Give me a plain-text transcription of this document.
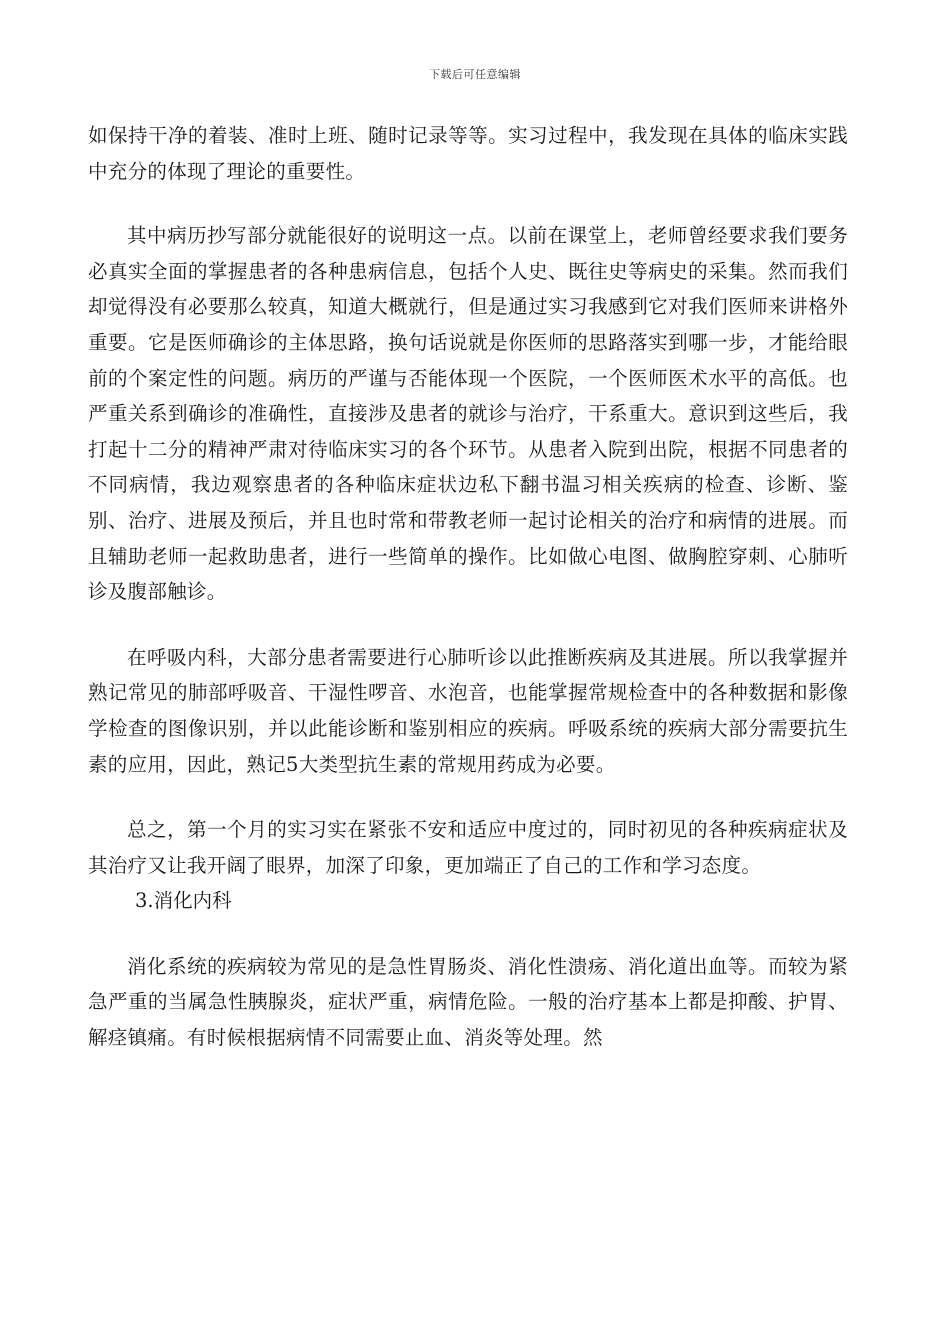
下载后可任意编辑

如保持干净的着装、准时上班、随时记录等等。实习过程中，我发现在具体的临床实践中充分的体现了理论的重要性。

其中病历抄写部分就能很好的说明这一点。以前在课堂上，老师曾经要求我们要务必真实全面的掌握患者的各种患病信息，包括个人史、既往史等病史的采集。然而我们却觉得没有必要那么较真，知道大概就行，但是通过实习我感到它对我们医师来讲格外重要。它是医师确诊的主体思路，换句话说就是你医师的思路落实到哪一步，才能给眼前的个案定性的问题。病历的严谨与否能体现一个医院，一个医师医术水平的高低。也严重关系到确诊的准确性，直接涉及患者的就诊与治疗，干系重大。意识到这些后，我打起十二分的精神严肃对待临床实习的各个环节。从患者入院到出院，根据不同患者的不同病情，我边观察患者的各种临床症状边私下翻书温习相关疾病的检查、诊断、鉴别、治疗、进展及预后，并且也时常和带教老师一起讨论相关的治疗和病情的进展。而且辅助老师一起救助患者，进行一些简单的操作。比如做心电图、做胸腔穿刺、心肺听诊及腹部触诊。

在呼吸内科，大部分患者需要进行心肺听诊以此推断疾病及其进展。所以我掌握并熟记常见的肺部呼吸音、干湿性啰音、水泡音，也能掌握常规检查中的各种数据和影像学检查的图像识别，并以此能诊断和鉴别相应的疾病。呼吸系统的疾病大部分需要抗生素的应用，因此，熟记5大类型抗生素的常规用药成为必要。

总之，第一个月的实习实在紧张不安和适应中度过的，同时初见的各种疾病症状及其治疗又让我开阔了眼界，加深了印象，更加端正了自己的工作和学习态度。

3.消化内科

消化系统的疾病较为常见的是急性胃肠炎、消化性溃疡、消化道出血等。而较为紧急严重的当属急性胰腺炎，症状严重，病情危险。一般的治疗基本上都是抑酸、护胃、解痉镇痛。有时候根据病情不同需要止血、消炎等处理。然
